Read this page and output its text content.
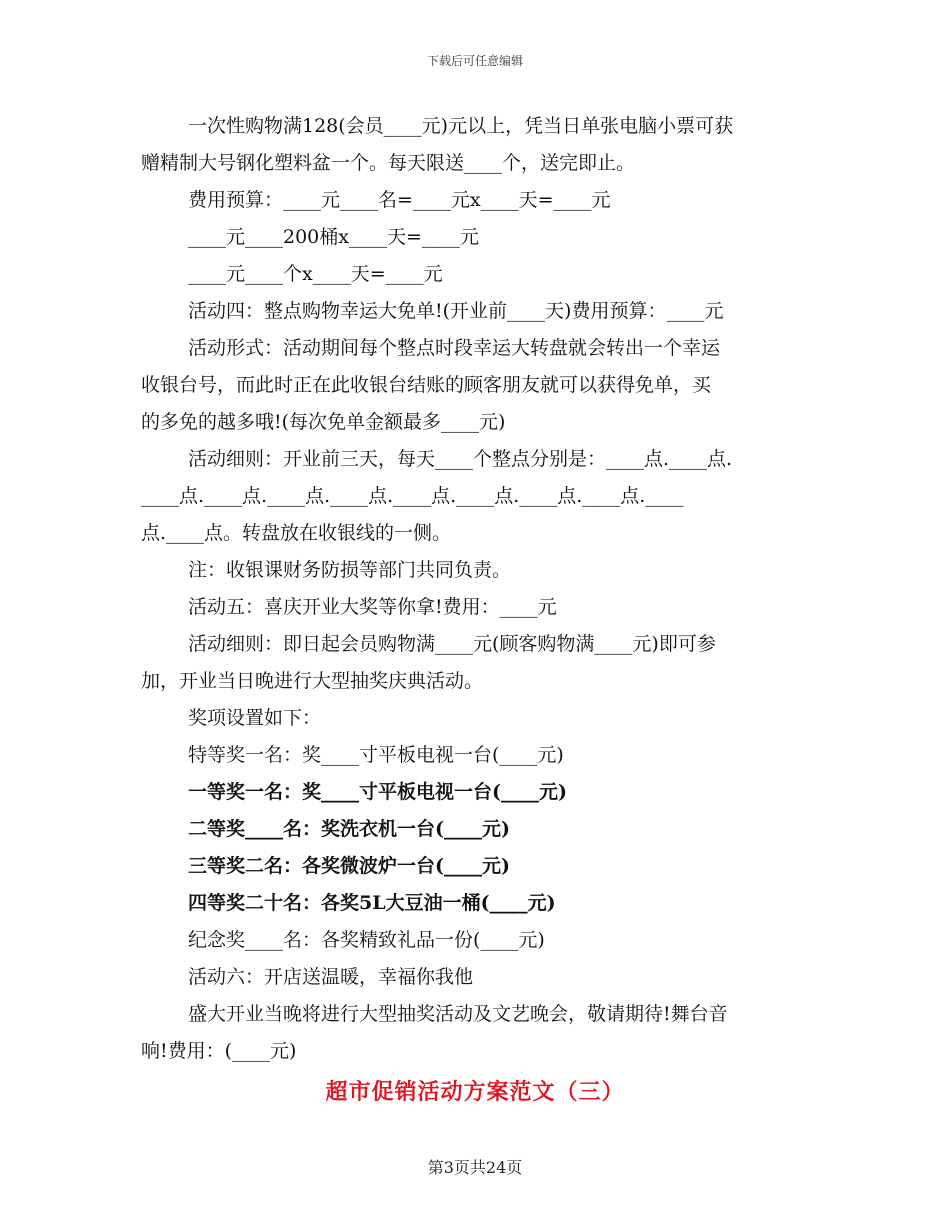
下载后可任意编辑

一次性购物满128(会员____元)元以上，凭当日单张电脑小票可获

赠精制大号钢化塑料盆一个。每天限送____个，送完即止。

费用预算：____元____名=____元x____天=____元

____元____200桶x____天=____元

____元____个x____天=____元

活动四：整点购物幸运大免单!(开业前____天)费用预算：____元

活动形式：活动期间每个整点时段幸运大转盘就会转出一个幸运

收银台号，而此时正在此收银台结账的顾客朋友就可以获得免单，买

的多免的越多哦!(每次免单金额最多____元)

活动细则：开业前三天，每天____个整点分别是：____点.____点.

____点.____点.____点.____点.____点.____点.____点.____点.____

点.____点。转盘放在收银线的一侧。

注：收银课财务防损等部门共同负责。

活动五：喜庆开业大奖等你拿!费用：____元

活动细则：即日起会员购物满____元(顾客购物满____元)即可参

加，开业当日晚进行大型抽奖庆典活动。

奖项设置如下：

特等奖一名：奖____寸平板电视一台(____元)

一等奖一名：奖____寸平板电视一台(____元)

二等奖____名：奖洗衣机一台(____元)

三等奖二名：各奖微波炉一台(____元)

四等奖二十名：各奖5L大豆油一桶(____元)

纪念奖____名：各奖精致礼品一份(____元)

活动六：开店送温暖，幸福你我他

盛大开业当晚将进行大型抽奖活动及文艺晚会，敬请期待!舞台音

响!费用：(____元)

超市促销活动方案范文（三）
第3页共24页
